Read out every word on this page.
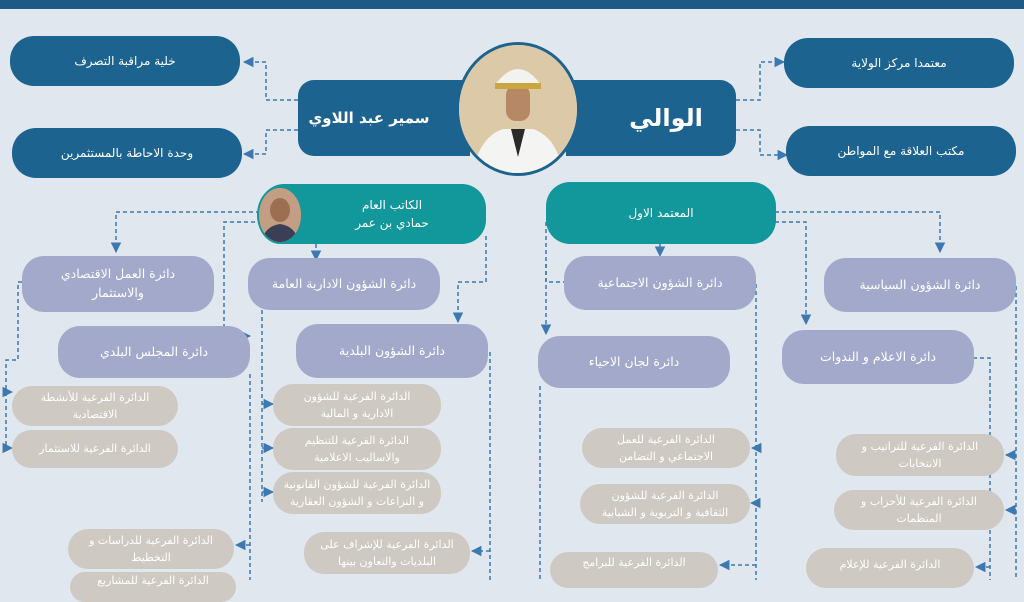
سمير عبد اللاوي	الوالي
خلية مراقبة التصرف
وحدة الاحاطة بالمستثمرين
معتمدا مركز الولاية
مكتب العلاقة مع المواطن
الكاتب العام
حمادي بن عمر
المعتمد الاول
دائرة العمل الاقتصادي والاستثمار
دائرة الشؤون الادارية العامة	دائرة الشؤون الاجتماعية	دائرة الشؤون السياسية
دائرة المجلس البلدي	دائرة الشؤون البلدية
دائرة لجان الاحياء	دائرة الاعلام و الندوات
الدائرة الفرعية للأنشطة الاقتصادية
الدائرة الفرعية للاستثمار
الدائرة الفرعية للدراسات و التخطيط
الدائرة الفرعية للمشاريع
الدائرة الفرعية للشؤون الادارية و المالية
الدائرة الفرعية للتنظيم والاساليب الاعلامية
الدائرة الفرعية للشؤون القانونية و النزاعات و الشؤون العقارية
الدائرة الفرعية للإشراف على البلديات والتعاون بينها
الدائرة الفرعية للعمل الاجتماعي و التضامن
الدائرة الفرعية للشؤون الثقافية و التربوية و الشبابية
الدائرة الفرعية للبرامج
الدائرة الفرعية للتراتيب و الانتخابات
الدائرة الفرعية للأحزاب و المنظمات
الدائرة الفرعية للإعلام
